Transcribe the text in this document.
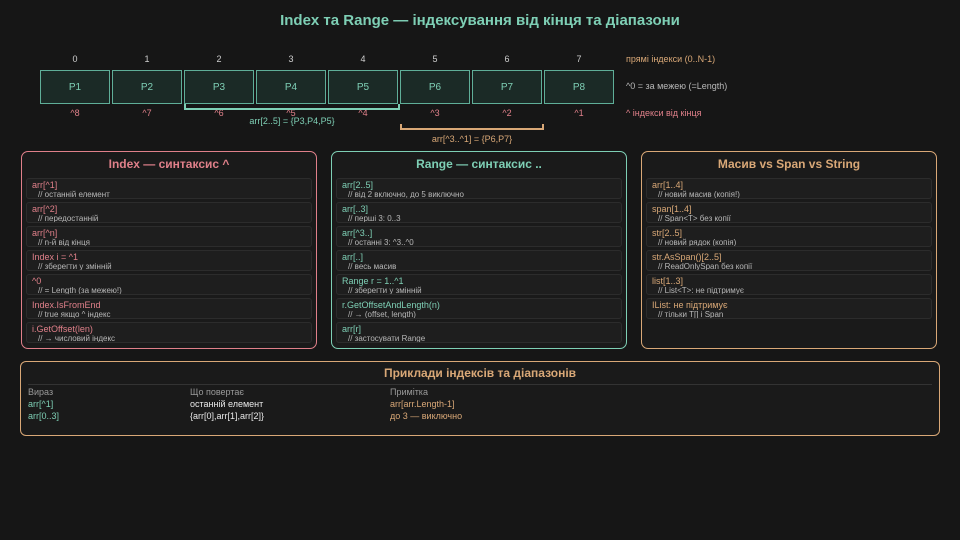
Index та Range — індексування від кінця та діапазони
0
P1
^8
1
P2
^7
2
P3
^6
3
P4
^5
4
P5
^4
5
P6
^3
6
P7
^2
7
P8
^1
прямі індекси (0..N-1)
^0 = за межею (=Length)
^ індекси від кінця
arr[2..5] = {P3,P4,P5}
arr[^3..^1] = {P6,P7}
Index — синтаксис ^
arr[^1]
// останній елемент
arr[^2]
// передостанній
arr[^n]
// n-й від кінця
Index i = ^1
// зберегти у змінній
^0
// = Length (за межею!)
Index.IsFromEnd
// true якщо ^ індекс
i.GetOffset(len)
// → числовий індекс
Range — синтаксис ..
arr[2..5]
// від 2 включно, до 5 виключно
arr[..3]
// перші 3: 0..3
arr[^3..]
// останні 3: ^3..^0
arr[..]
// весь масив
Range r = 1..^1
// зберегти у змінній
r.GetOffsetAndLength(n)
// → (offset, length)
arr[r]
// застосувати Range
Масив vs Span vs String
arr[1..4]
// новий масив (копія!)
span[1..4]
// Span<T> без копії
str[2..5]
// новий рядок (копія)
str.AsSpan()[2..5]
// ReadOnlySpan без копії
list[1..3]
// List<T>: не підтримує
IList: не підтримує
// тільки T[] і Span
Приклади індексів та діапазонів
Вираз	Що повертає	Примітка
arr[^1]	останній елемент	arr[arr.Length-1]
arr[0..3]	{arr[0],arr[1],arr[2]}	до 3 — виключно
